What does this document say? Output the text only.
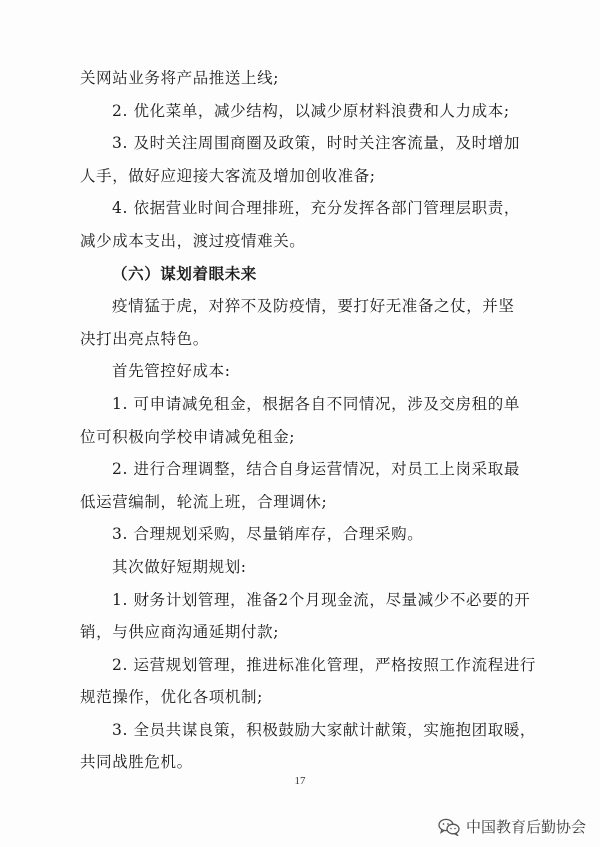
关网站业务将产品推送上线;
2. 优化菜单，减少结构，以减少原材料浪费和人力成本;
3. 及时关注周围商圈及政策，时时关注客流量，及时增加
人手，做好应迎接大客流及增加创收准备;
4. 依据营业时间合理排班，充分发挥各部门管理层职责，
减少成本支出，渡过疫情难关。
（六）谋划着眼未来
疫情猛于虎，对猝不及防疫情，要打好无准备之仗，并坚
决打出亮点特色。
首先管控好成本:
1. 可申请减免租金，根据各自不同情况，涉及交房租的单
位可积极向学校申请减免租金;
2. 进行合理调整，结合自身运营情况，对员工上岗采取最
低运营编制，轮流上班，合理调休;
3. 合理规划采购，尽量销库存，合理采购。
其次做好短期规划:
1. 财务计划管理，准备2个月现金流，尽量减少不必要的开
销，与供应商沟通延期付款;
2. 运营规划管理，推进标准化管理，严格按照工作流程进行
规范操作，优化各项机制;
3. 全员共谋良策，积极鼓励大家献计献策，实施抱团取暖，
共同战胜危机。
17
中国教育后勤协会
